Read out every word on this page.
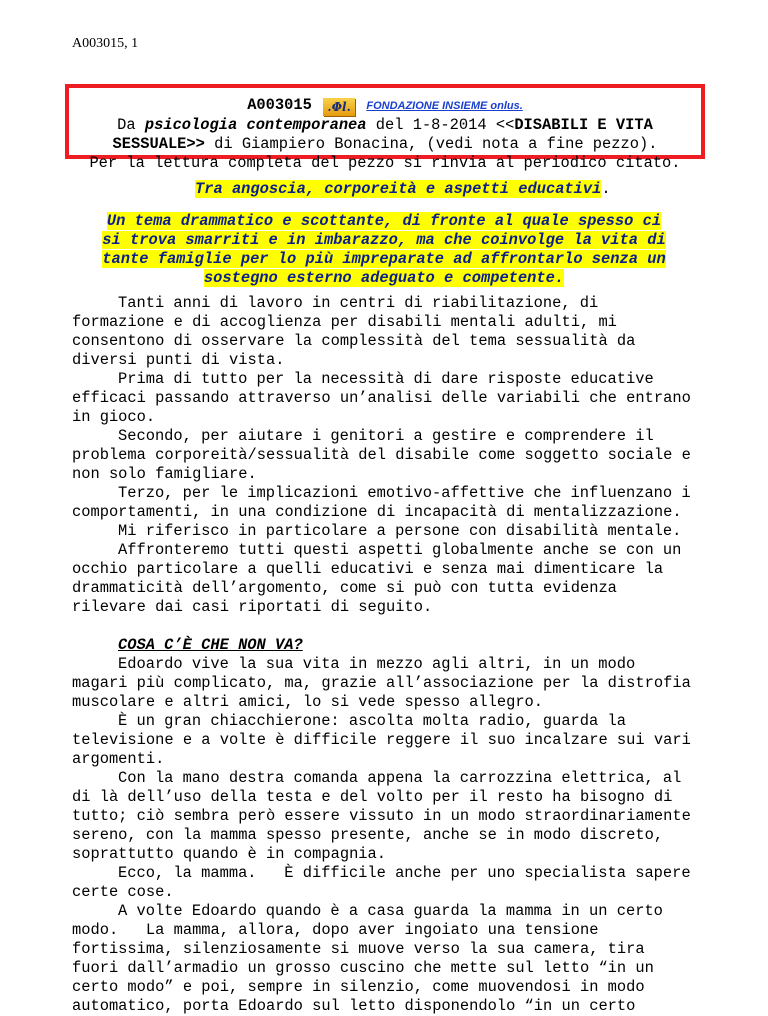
A003015, 1
A003015 .Φl. FONDAZIONE INSIEME onlus.
Da psicologia contemporanea del 1-8-2014 <<DISABILI E VITA
SESSUALE>> di Giampiero Bonacina, (vedi nota a fine pezzo).
Per la lettura completa del pezzo si rinvia al periodico citato.
Tra angoscia, corporeità e aspetti educativi.
Un tema drammatico e scottante, di fronte al quale spesso ci
si trova smarriti e in imbarazzo, ma che coinvolge la vita di
tante famiglie per lo più impreparate ad affrontarlo senza un
sostegno esterno adeguato e competente.

Tanti anni di lavoro in centri di riabilitazione, di formazione e di accoglienza per disabili mentali adulti, mi consentono di osservare la complessità del tema sessualità da diversi punti di vista.

Prima di tutto per la necessità di dare risposte educative efficaci passando attraverso un’analisi delle variabili che entrano in gioco.

Secondo, per aiutare i genitori a gestire e comprendere il problema corporeità/sessualità del disabile come soggetto sociale e non solo famigliare.

Terzo, per le implicazioni emotivo-affettive che influenzano i comportamenti, in una condizione di incapacità di mentalizzazione.

Mi riferisco in particolare a persone con disabilità mentale.

Affronteremo tutti questi aspetti globalmente anche se con un occhio particolare a quelli educativi e senza mai dimenticare la drammaticità dell’argomento, come si può con tutta evidenza rilevare dai casi riportati di seguito.

COSA C’È CHE NON VA?

Edoardo vive la sua vita in mezzo agli altri, in un modo magari più complicato, ma, grazie all’associazione per la distrofia muscolare e altri amici, lo si vede spesso allegro.

È un gran chiacchierone: ascolta molta radio, guarda la televisione e a volte è difficile reggere il suo incalzare sui vari argomenti.

Con la mano destra comanda appena la carrozzina elettrica, al di là dell’uso della testa e del volto per il resto ha bisogno di tutto; ciò sembra però essere vissuto in un modo straordinariamente sereno, con la mamma spesso presente, anche se in modo discreto, soprattutto quando è in compagnia.

Ecco, la mamma.   È difficile anche per uno specialista sapere certe cose.

A volte Edoardo quando è a casa guarda la mamma in un certo modo.   La mamma, allora, dopo aver ingoiato una tensione fortissima, silenziosamente si muove verso la sua camera, tira fuori dall’armadio un grosso cuscino che mette sul letto “in un certo modo” e poi, sempre in silenzio, come muovendosi in modo automatico, porta Edoardo sul letto disponendolo “in un certo
